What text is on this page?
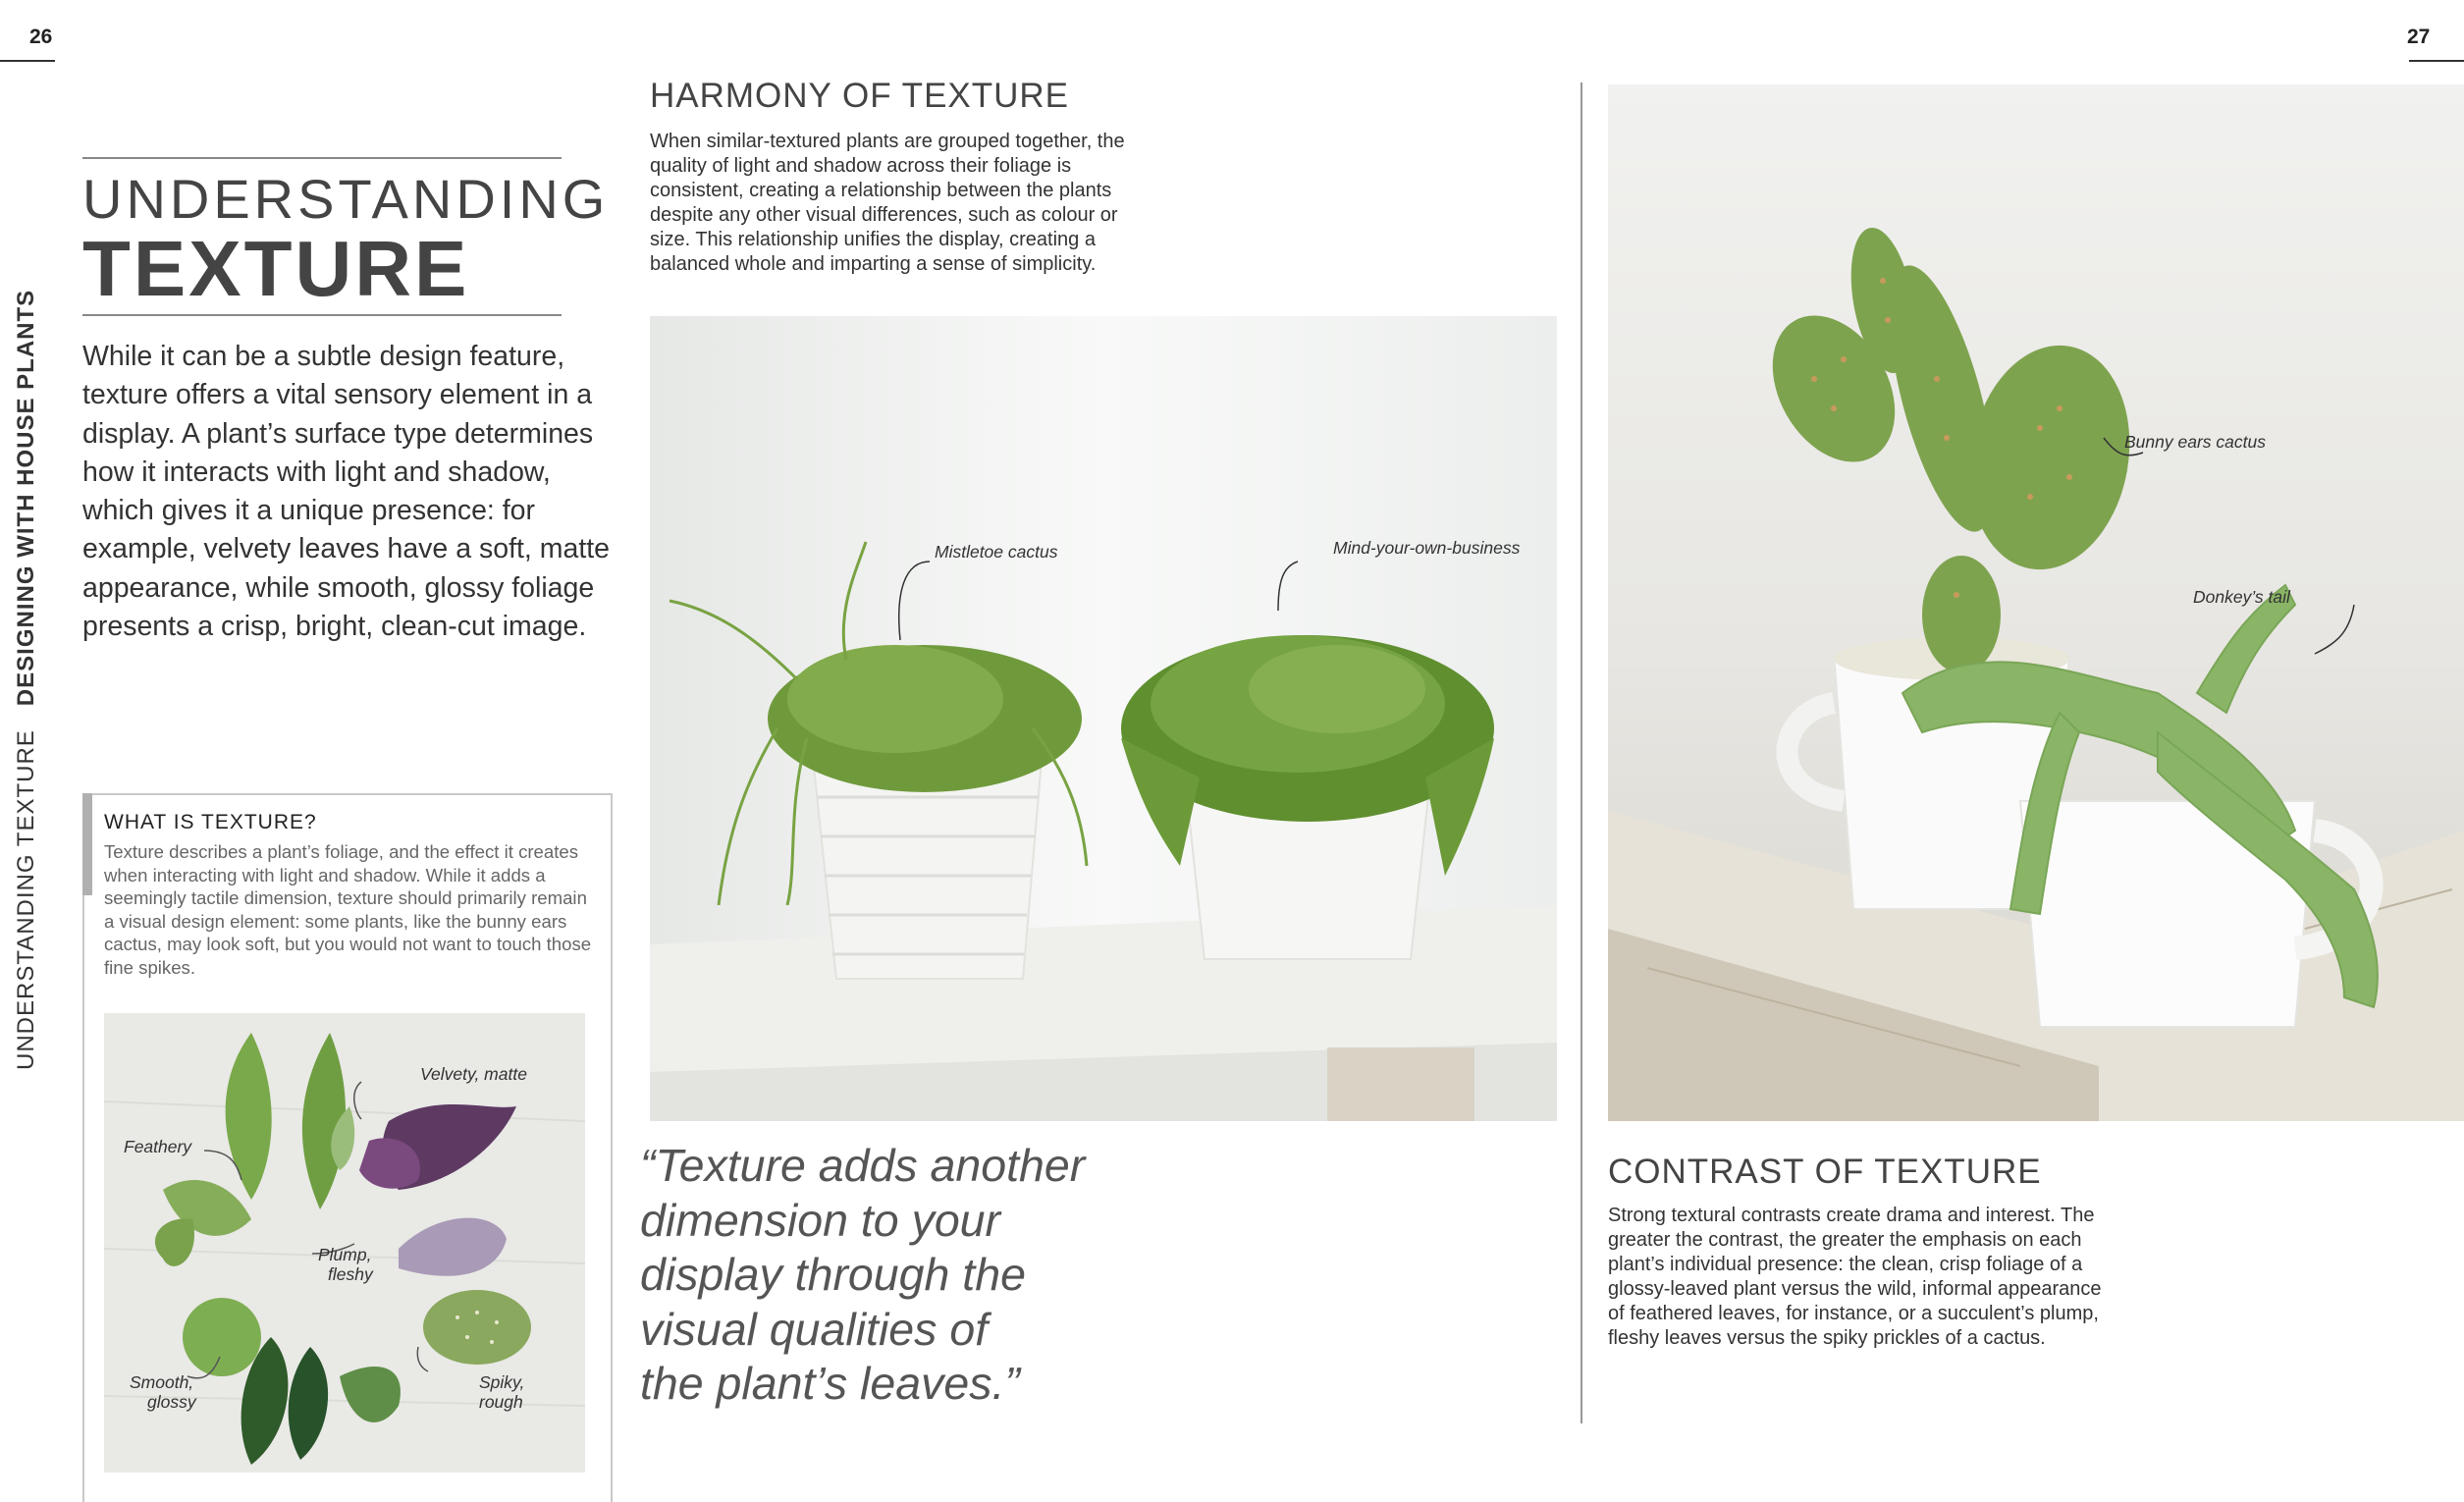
26	27
UNDERSTANDING TEXTURE
DESIGNING WITH HOUSE PLANTS
UNDERSTANDING
TEXTURE
While it can be a subtle design feature, texture offers a vital sensory element in a display. A plant’s surface type determines how it interacts with light and shadow, which gives it a unique presence: for example, velvety leaves have a soft, matte appearance, while smooth, glossy foliage presents a crisp, bright, clean-cut image.
WHAT IS TEXTURE?
Texture describes a plant’s foliage, and the effect it creates when interacting with light and shadow. While it adds a seemingly tactile dimension, texture should primarily remain a visual design element: some plants, like the bunny ears cactus, may look soft, but you would not want to touch those fine spikes.
Velvety, matte
Feathery
Plump,
fleshy
Smooth,
glossy
Spiky,
rough
HARMONY OF TEXTURE
When similar-textured plants are grouped together, the quality of light and shadow across their foliage is consistent, creating a relationship between the plants despite any other visual differences, such as colour or size. This relationship unifies the display, creating a balanced whole and imparting a sense of simplicity.
Mistletoe cactus	Mind-your-own-business
“Texture adds another
dimension to your
display through the
visual qualities of
the plant’s leaves.”
Bunny ears cactus
Donkey’s tail
CONTRAST OF TEXTURE
Strong textural contrasts create drama and interest. The greater the contrast, the greater the emphasis on each plant’s individual presence: the clean, crisp foliage of a glossy-leaved plant versus the wild, informal appearance of feathered leaves, for instance, or a succulent’s plump, fleshy leaves versus the spiky prickles of a cactus.
